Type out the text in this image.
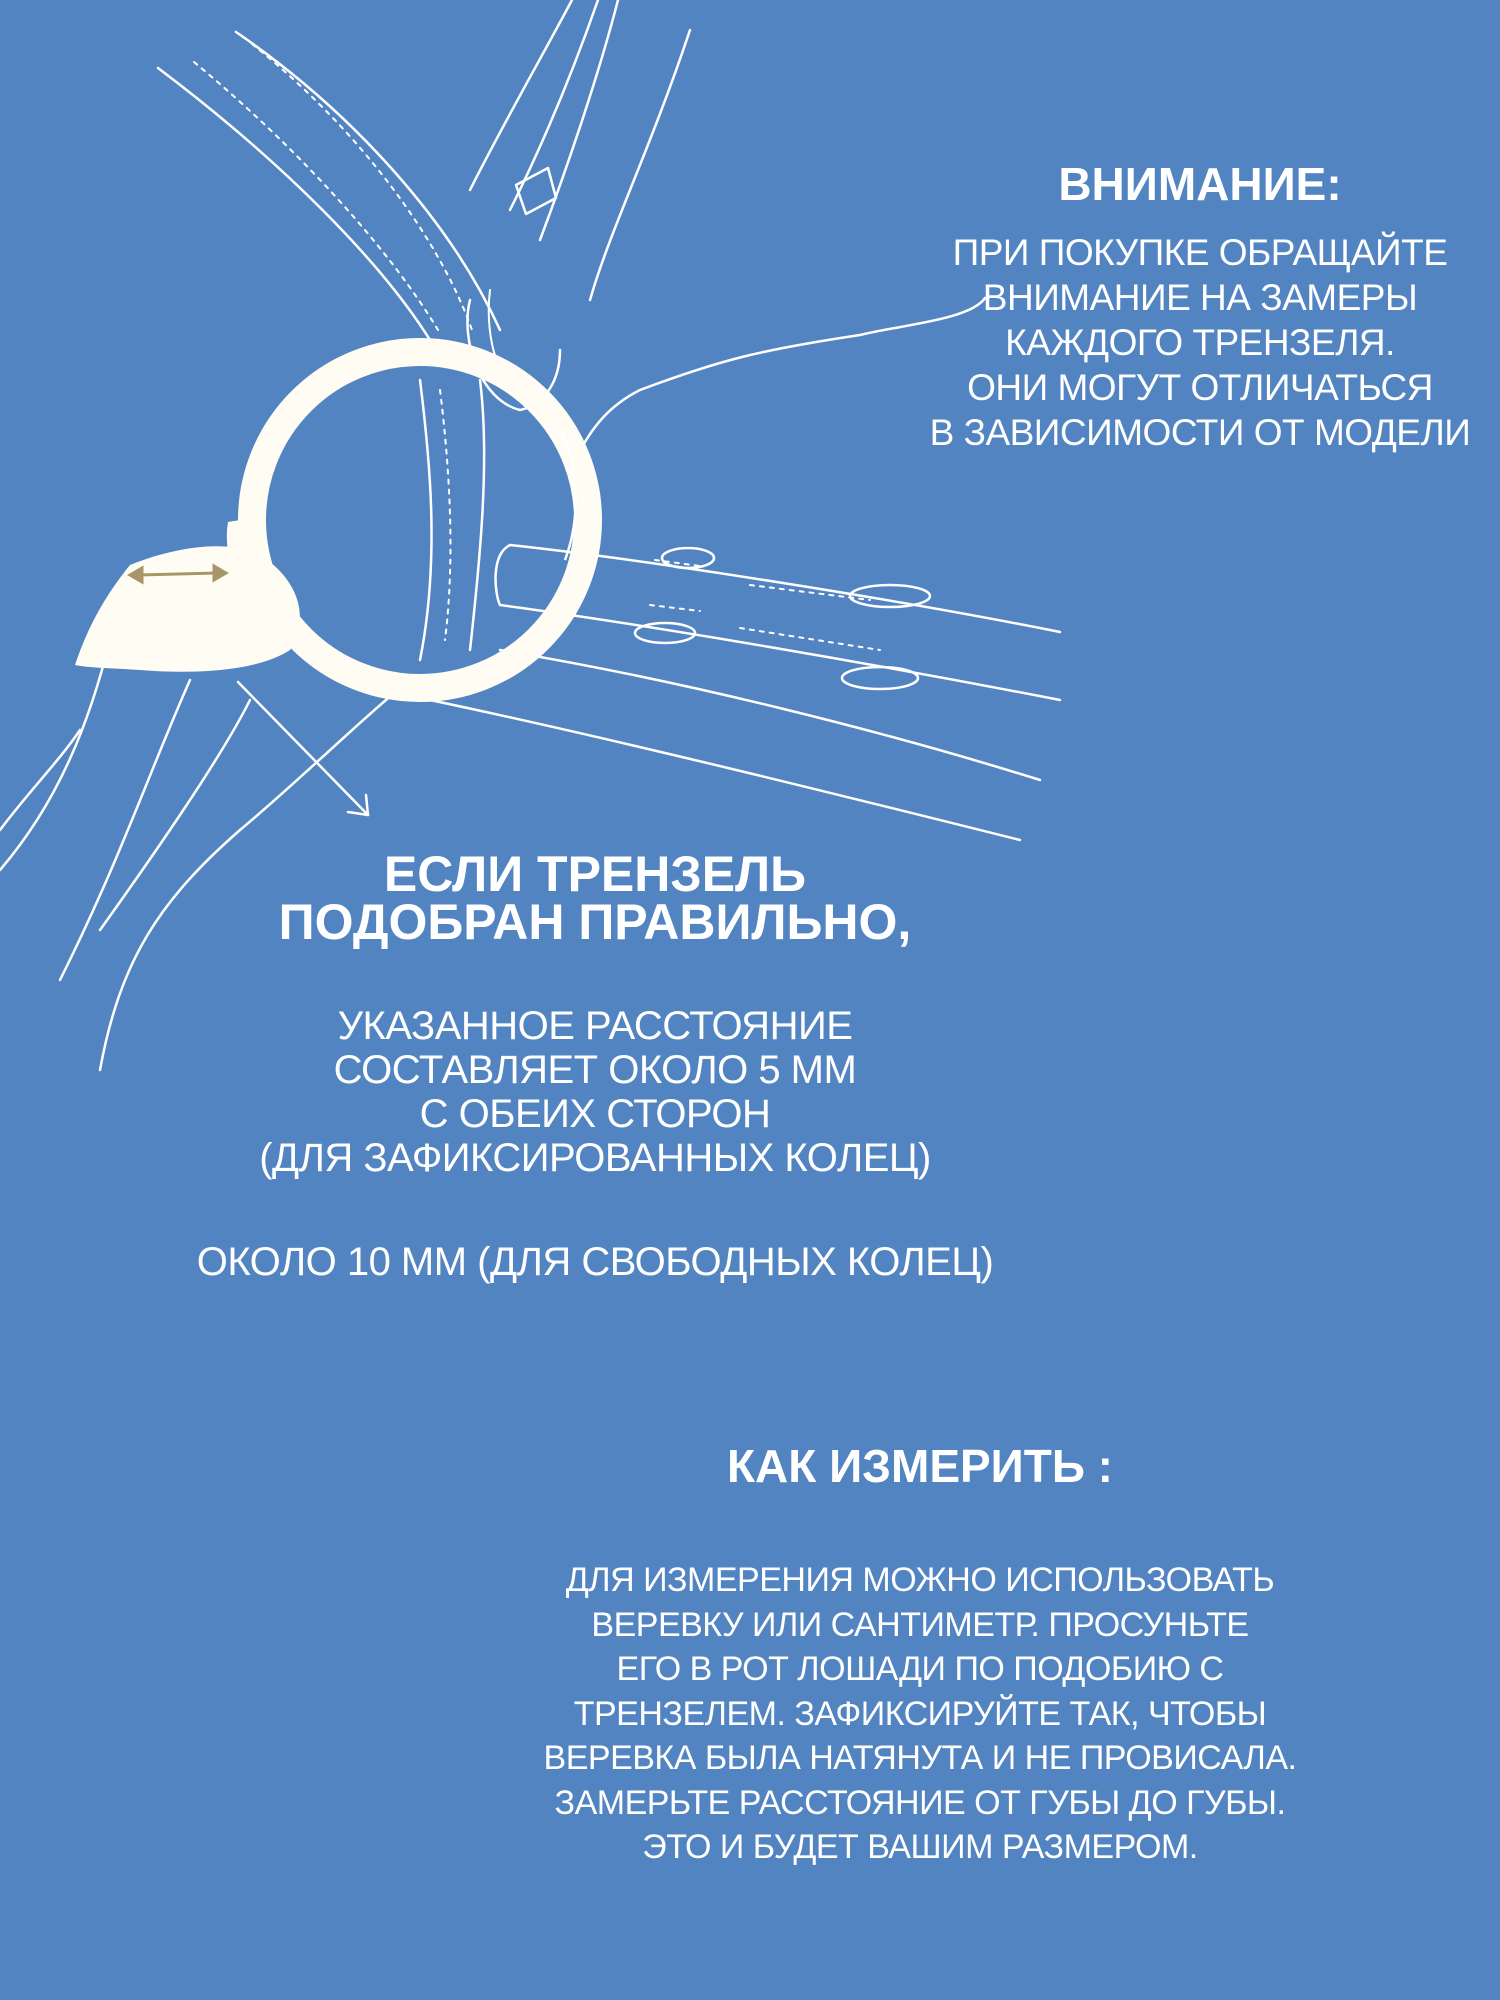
ВНИМАНИЕ:

ПРИ ПОКУПКЕ ОБРАЩАЙТЕ
ВНИМАНИЕ НА ЗАМЕРЫ
КАЖДОГО ТРЕНЗЕЛЯ.
ОНИ МОГУТ ОТЛИЧАТЬСЯ
В ЗАВИСИМОСТИ ОТ МОДЕЛИ

ЕСЛИ ТРЕНЗЕЛЬ
ПОДОБРАН ПРАВИЛЬНО,

УКАЗАННОЕ РАССТОЯНИЕ
СОСТАВЛЯЕТ ОКОЛО 5 ММ
С ОБЕИХ СТОРОН
(ДЛЯ ЗАФИКСИРОВАННЫХ КОЛЕЦ)

ОКОЛО 10 ММ (ДЛЯ СВОБОДНЫХ КОЛЕЦ)

КАК ИЗМЕРИТЬ :

ДЛЯ ИЗМЕРЕНИЯ МОЖНО ИСПОЛЬЗОВАТЬ
ВЕРЕВКУ ИЛИ САНТИМЕТР. ПРОСУНЬТЕ
ЕГО В РОТ ЛОШАДИ ПО ПОДОБИЮ С
ТРЕНЗЕЛЕМ. ЗАФИКСИРУЙТЕ ТАК, ЧТОБЫ
ВЕРЕВКА БЫЛА НАТЯНУТА И НЕ ПРОВИСАЛА.
ЗАМЕРЬТЕ РАССТОЯНИЕ ОТ ГУБЫ ДО ГУБЫ.
ЭТО И БУДЕТ ВАШИМ РАЗМЕРОМ.
